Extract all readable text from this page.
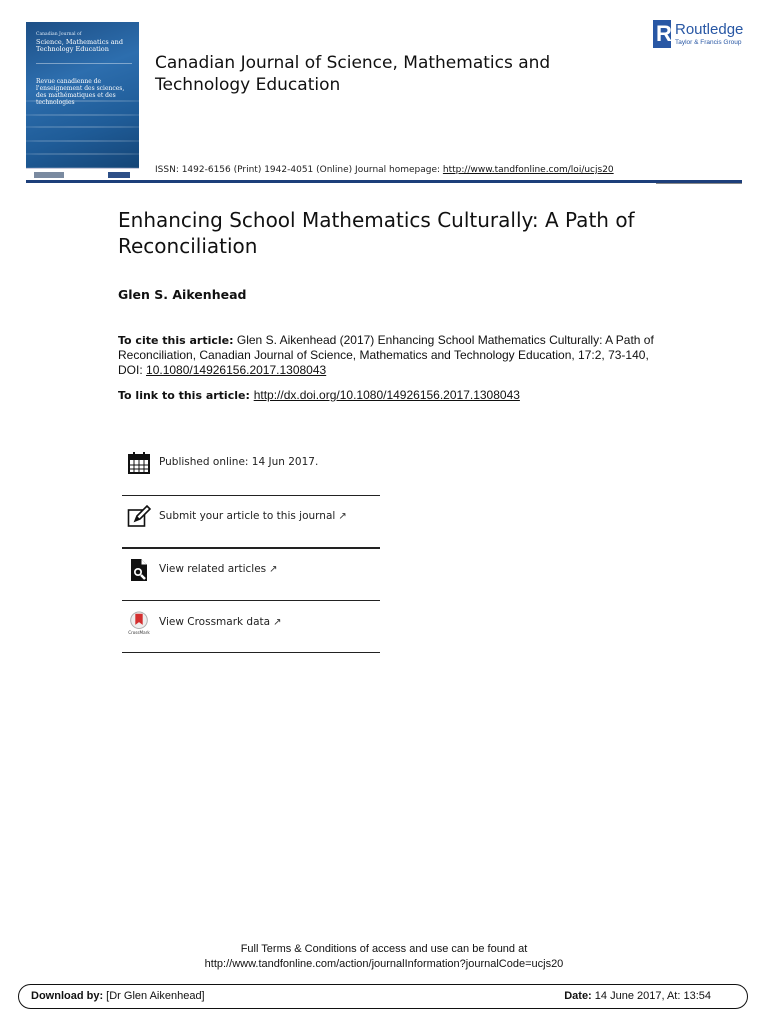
Canadian Journal of
Science, Mathematics and Technology Education
Revue canadienne de l'enseignement des sciences, des mathématiques et des technologies
Canadian Journal of Science, Mathematics and Technology Education
R Routledge
Taylor & Francis Group
ISSN: 1492-6156 (Print) 1942-4051 (Online) Journal homepage: http://www.tandfonline.com/loi/ucjs20
Enhancing School Mathematics Culturally: A Path of Reconciliation
Glen S. Aikenhead
To cite this article: Glen S. Aikenhead (2017) Enhancing School Mathematics Culturally: A Path of Reconciliation, Canadian Journal of Science, Mathematics and Technology Education, 17:2, 73-140, DOI: 10.1080/14926156.2017.1308043
To link to this article: http://dx.doi.org/10.1080/14926156.2017.1308043
Published online: 14 Jun 2017.
Submit your article to this journal ↗
View related articles ↗
CrossMark
View Crossmark data ↗
Full Terms & Conditions of access and use can be found at
http://www.tandfonline.com/action/journalInformation?journalCode=ucjs20
Download by: [Dr Glen Aikenhead]	Date: 14 June 2017, At: 13:54
